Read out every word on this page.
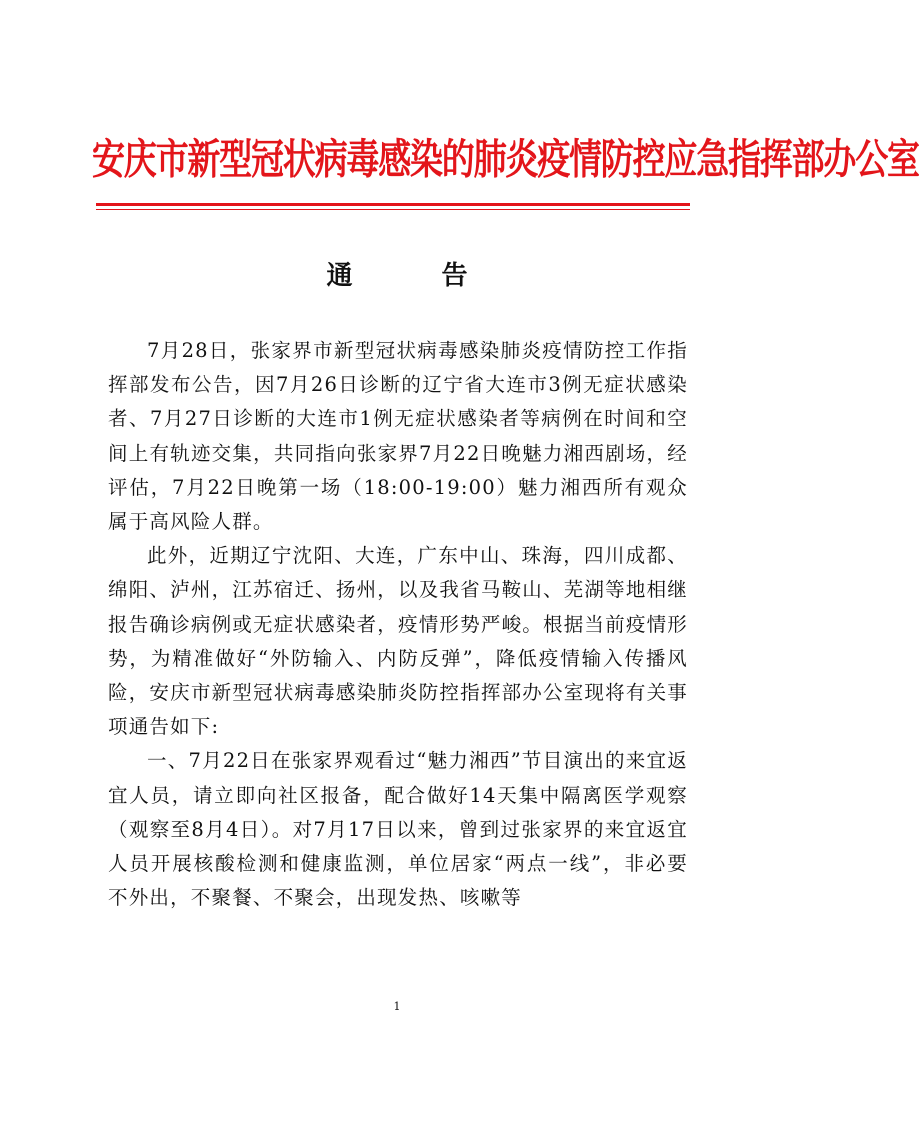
安庆市新型冠状病毒感染的肺炎疫情防控应急指挥部办公室
通 告

7月28日，张家界市新型冠状病毒感染肺炎疫情防控工作指挥部发布公告，因7月26日诊断的辽宁省大连市3例无症状感染者、7月27日诊断的大连市1例无症状感染者等病例在时间和空间上有轨迹交集，共同指向张家界7月22日晚魅力湘西剧场，经评估，7月22日晚第一场（18:00-19:00）魅力湘西所有观众属于高风险人群。

此外，近期辽宁沈阳、大连，广东中山、珠海，四川成都、绵阳、泸州，江苏宿迁、扬州，以及我省马鞍山、芜湖等地相继报告确诊病例或无症状感染者，疫情形势严峻。根据当前疫情形势，为精准做好“外防输入、内防反弹”，降低疫情输入传播风险，安庆市新型冠状病毒感染肺炎防控指挥部办公室现将有关事项通告如下:

一、7月22日在张家界观看过“魅力湘西”节目演出的来宜返宜人员，请立即向社区报备，配合做好14天集中隔离医学观察（观察至8月4日）。对7月17日以来，曾到过张家界的来宜返宜人员开展核酸检测和健康监测，单位居家“两点一线”，非必要不外出，不聚餐、不聚会，出现发热、咳嗽等

1
